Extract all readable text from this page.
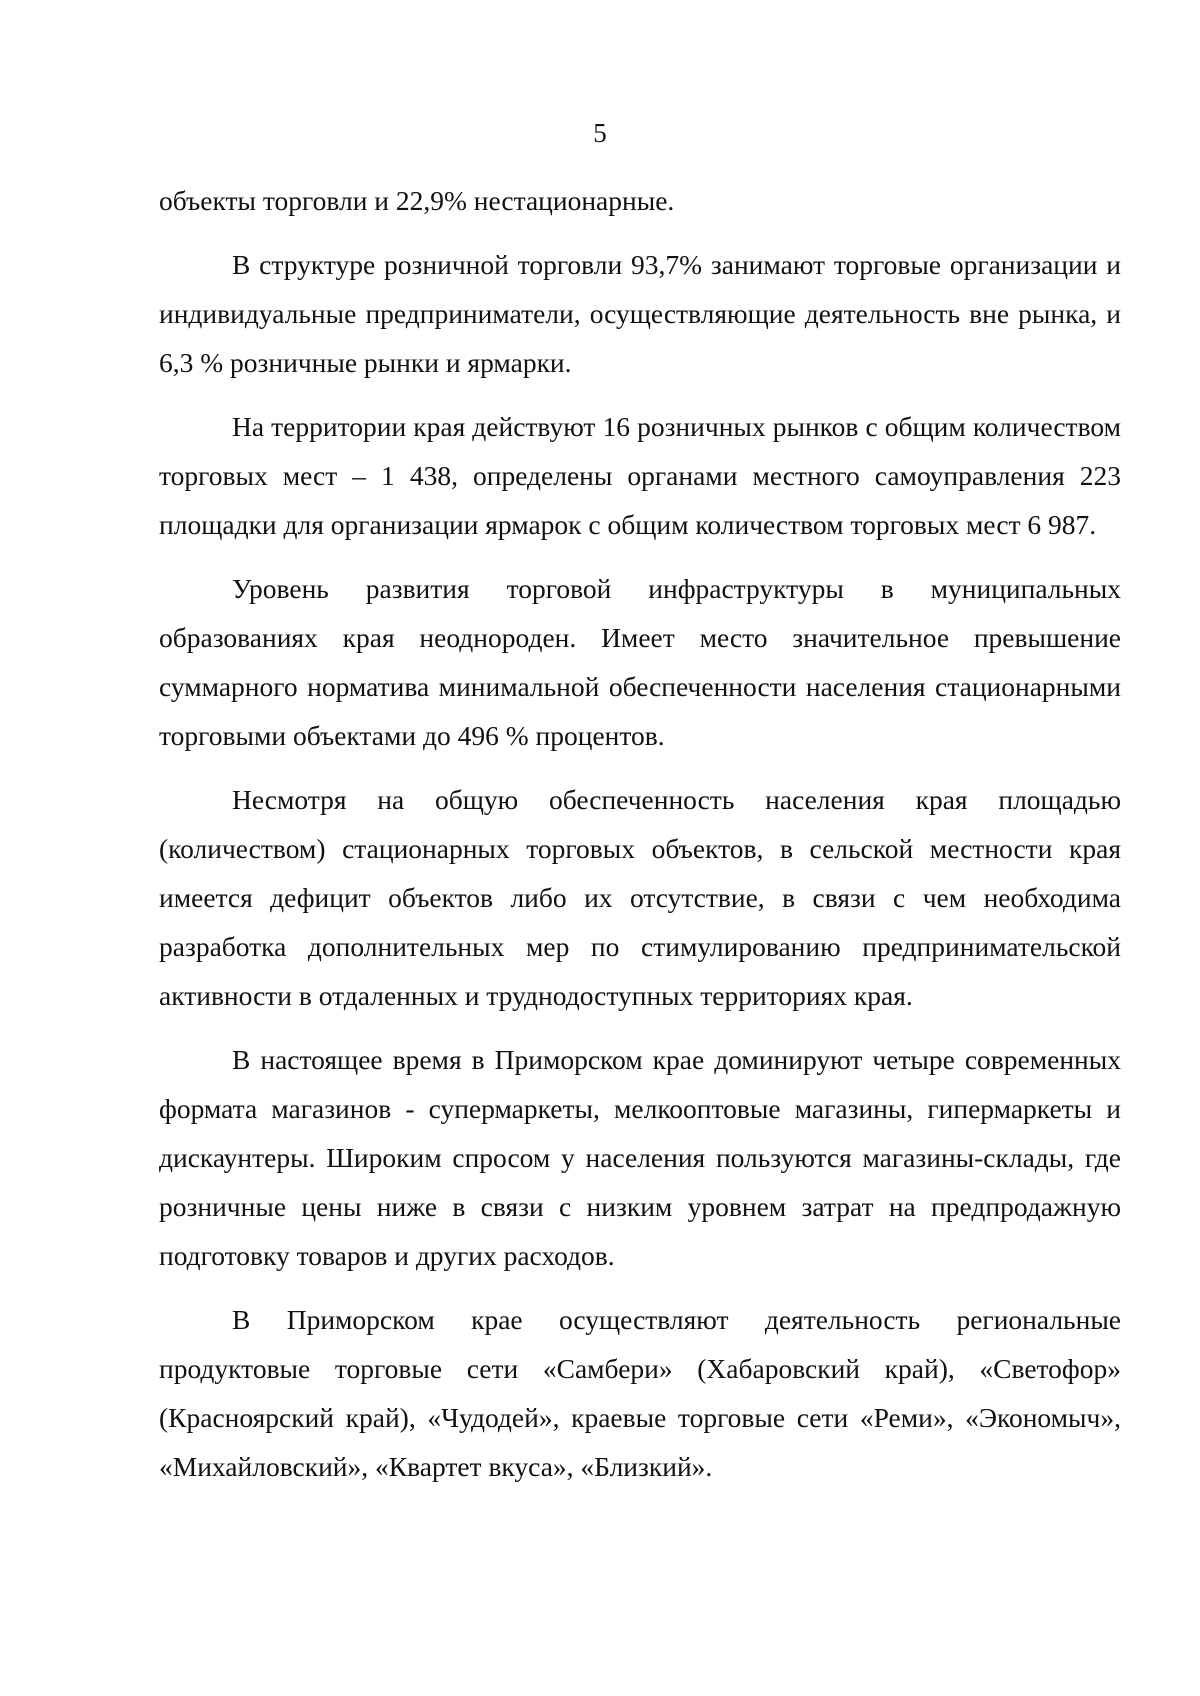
5

объекты торговли и 22,9% нестационарные.

В структуре розничной торговли 93,7% занимают торговые организации и индивидуальные предприниматели, осуществляющие деятельность вне рынка, и 6,3 % розничные рынки и ярмарки.

На территории края действуют 16 розничных рынков с общим количеством торговых мест – 1 438, определены органами местного самоуправления 223 площадки для организации ярмарок с общим количеством торговых мест 6 987.

Уровень развития торговой инфраструктуры в муниципальных образованиях края неоднороден. Имеет место значительное превышение суммарного норматива минимальной обеспеченности населения стационарными торговыми объектами до 496 % процентов.

Несмотря на общую обеспеченность населения края площадью (количеством) стационарных торговых объектов, в сельской местности края имеется дефицит объектов либо их отсутствие, в связи с чем необходима разработка дополнительных мер по стимулированию предпринимательской активности в отдаленных и труднодоступных территориях края.

В настоящее время в Приморском крае доминируют четыре современных формата магазинов - супермаркеты, мелкооптовые магазины, гипермаркеты и дискаунтеры. Широким спросом у населения пользуются магазины-склады, где розничные цены ниже в связи с низким уровнем затрат на предпродажную подготовку товаров и других расходов.

В Приморском крае осуществляют деятельность региональные продуктовые торговые сети «Самбери» (Хабаровский край), «Светофор» (Красноярский край), «Чудодей», краевые торговые сети «Реми», «Экономыч», «Михайловский», «Квартет вкуса», «Близкий».
